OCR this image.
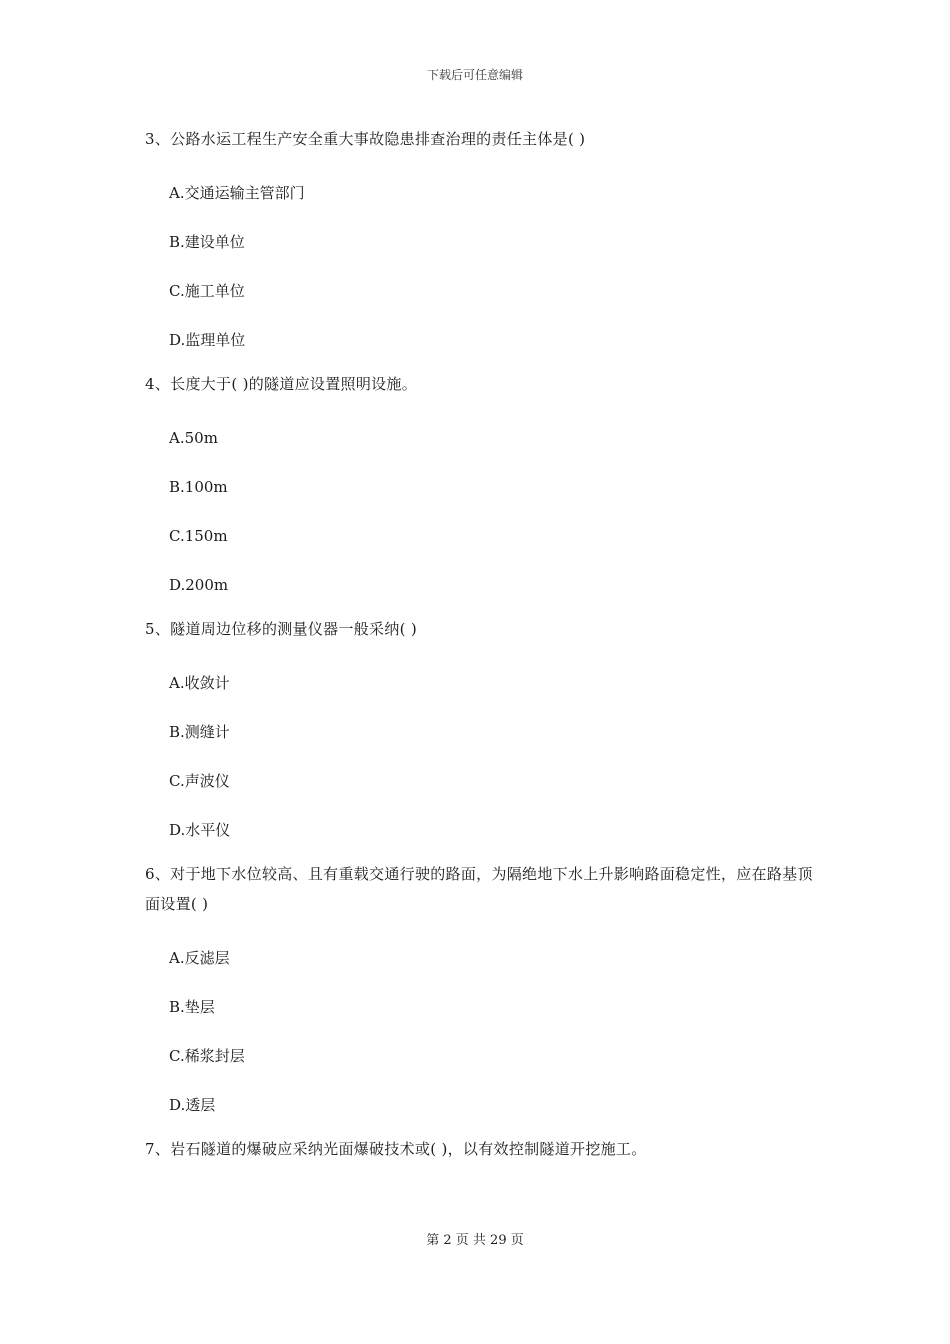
下载后可任意编辑

3、公路水运工程生产安全重大事故隐患排查治理的责任主体是( )

A.交通运输主管部门

B.建设单位

C.施工单位

D.监理单位

4、长度大于( )的隧道应设置照明设施。

A.50m

B.100m

C.150m

D.200m

5、隧道周边位移的测量仪器一般采纳( )

A.收敛计

B.测缝计

C.声波仪

D.水平仪

6、对于地下水位较高、且有重载交通行驶的路面，为隔绝地下水上升影响路面稳定性，应在路基顶面设置( )

A.反滤层

B.垫层

C.稀浆封层

D.透层

7、岩石隧道的爆破应采纳光面爆破技术或( )，以有效控制隧道开挖施工。

第 2 页 共 29 页
